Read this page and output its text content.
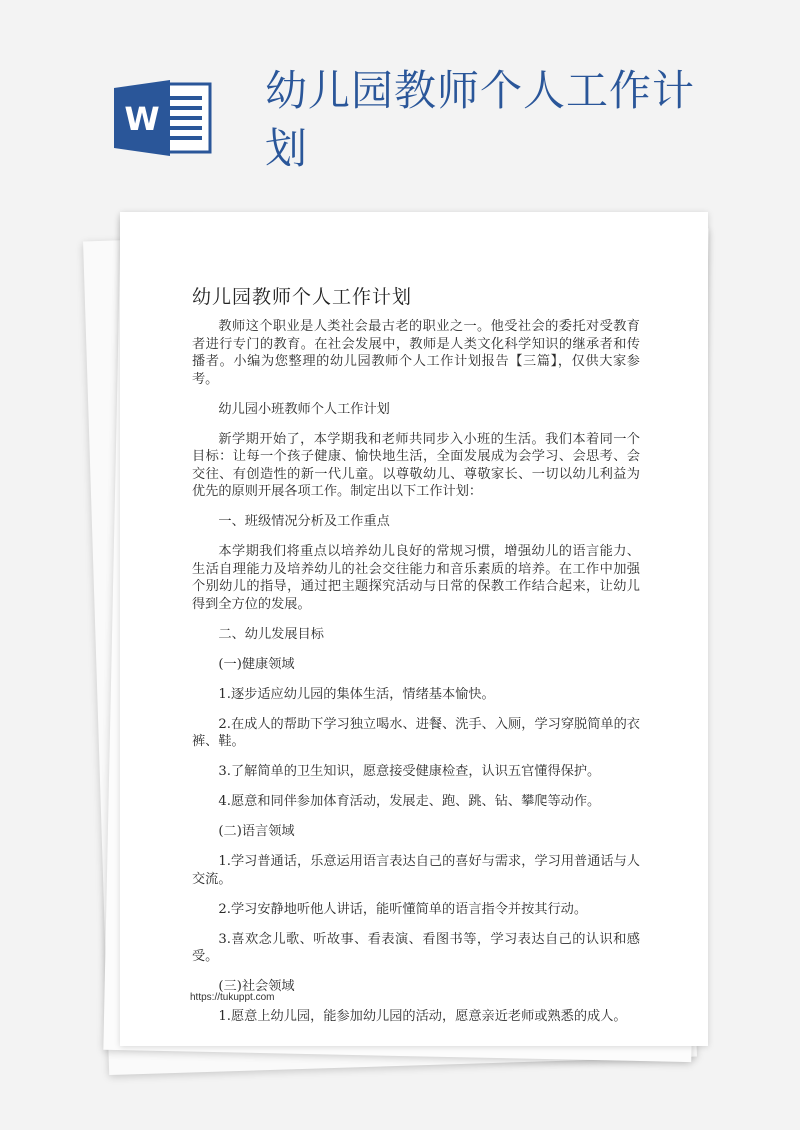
W
幼儿园教师个人工作计划
幼儿园教师个人工作计划

教师这个职业是人类社会最古老的职业之一。他受社会的委托对受教育者进行专门的教育。在社会发展中，教师是人类文化科学知识的继承者和传播者。小编为您整理的幼儿园教师个人工作计划报告【三篇】，仅供大家参考。

幼儿园小班教师个人工作计划

新学期开始了，本学期我和老师共同步入小班的生活。我们本着同一个目标：让每一个孩子健康、愉快地生活，全面发展成为会学习、会思考、会交往、有创造性的新一代儿童。以尊敬幼儿、尊敬家长、一切以幼儿利益为优先的原则开展各项工作。制定出以下工作计划：

一、班级情况分析及工作重点

本学期我们将重点以培养幼儿良好的常规习惯，增强幼儿的语言能力、生活自理能力及培养幼儿的社会交往能力和音乐素质的培养。在工作中加强个别幼儿的指导，通过把主题探究活动与日常的保教工作结合起来，让幼儿得到全方位的发展。

二、幼儿发展目标

(一)健康领域

1.逐步适应幼儿园的集体生活，情绪基本愉快。

2.在成人的帮助下学习独立喝水、进餐、洗手、入厕，学习穿脱简单的衣裤、鞋。

3.了解简单的卫生知识，愿意接受健康检查，认识五官懂得保护。

4.愿意和同伴参加体育活动，发展走、跑、跳、钻、攀爬等动作。

(二)语言领域

1.学习普通话，乐意运用语言表达自己的喜好与需求，学习用普通话与人交流。

2.学习安静地听他人讲话，能听懂简单的语言指令并按其行动。

3.喜欢念儿歌、听故事、看表演、看图书等，学习表达自己的认识和感受。

(三)社会领域

1.愿意上幼儿园，能参加幼儿园的活动，愿意亲近老师或熟悉的成人。

https://tukuppt.com
